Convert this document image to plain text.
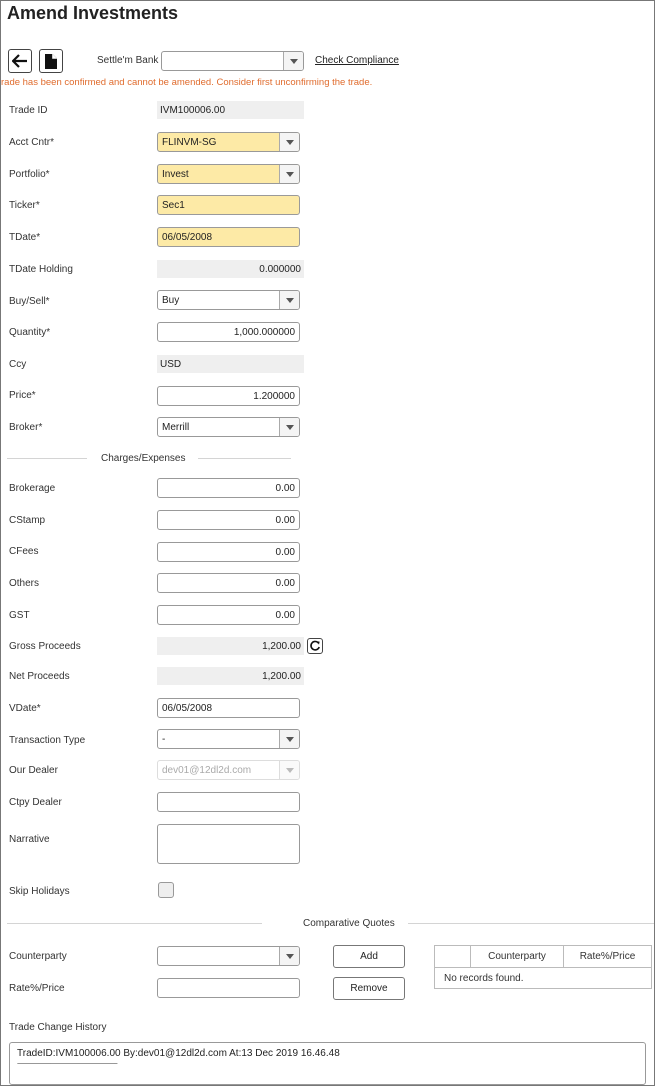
Amend Investments
Settle'm Bank	Check Compliance
rade has been confirmed and cannot be amended. Consider first unconfirming the trade.
Trade ID	IVM100006.00
Acct Cntr*	FLINVM-SG
Portfolio*	Invest
Ticker*	Sec1
TDate*	06/05/2008
TDate Holding	0.000000
Buy/Sell*	Buy
Quantity*	1,000.000000
Ccy	USD
Price*	1.200000
Broker*	Merrill
Charges/Expenses
Brokerage	0.00
CStamp	0.00
CFees	0.00
Others	0.00
GST	0.00
Gross Proceeds	1,200.00
Net Proceeds	1,200.00
VDate*	06/05/2008
Transaction Type	-
Our Dealer	dev01@12dl2d.com
Ctpy Dealer
Narrative
Skip Holidays
Comparative Quotes
Counterparty
Rate%/Price
Add
Remove
Counterparty	Rate%/Price
No records found.
Trade Change History
TradeID:IVM100006.00 By:dev01@12dl2d.com At:13 Dec 2019 16.46.48
----------------------------------------------------------------------------------------------------
